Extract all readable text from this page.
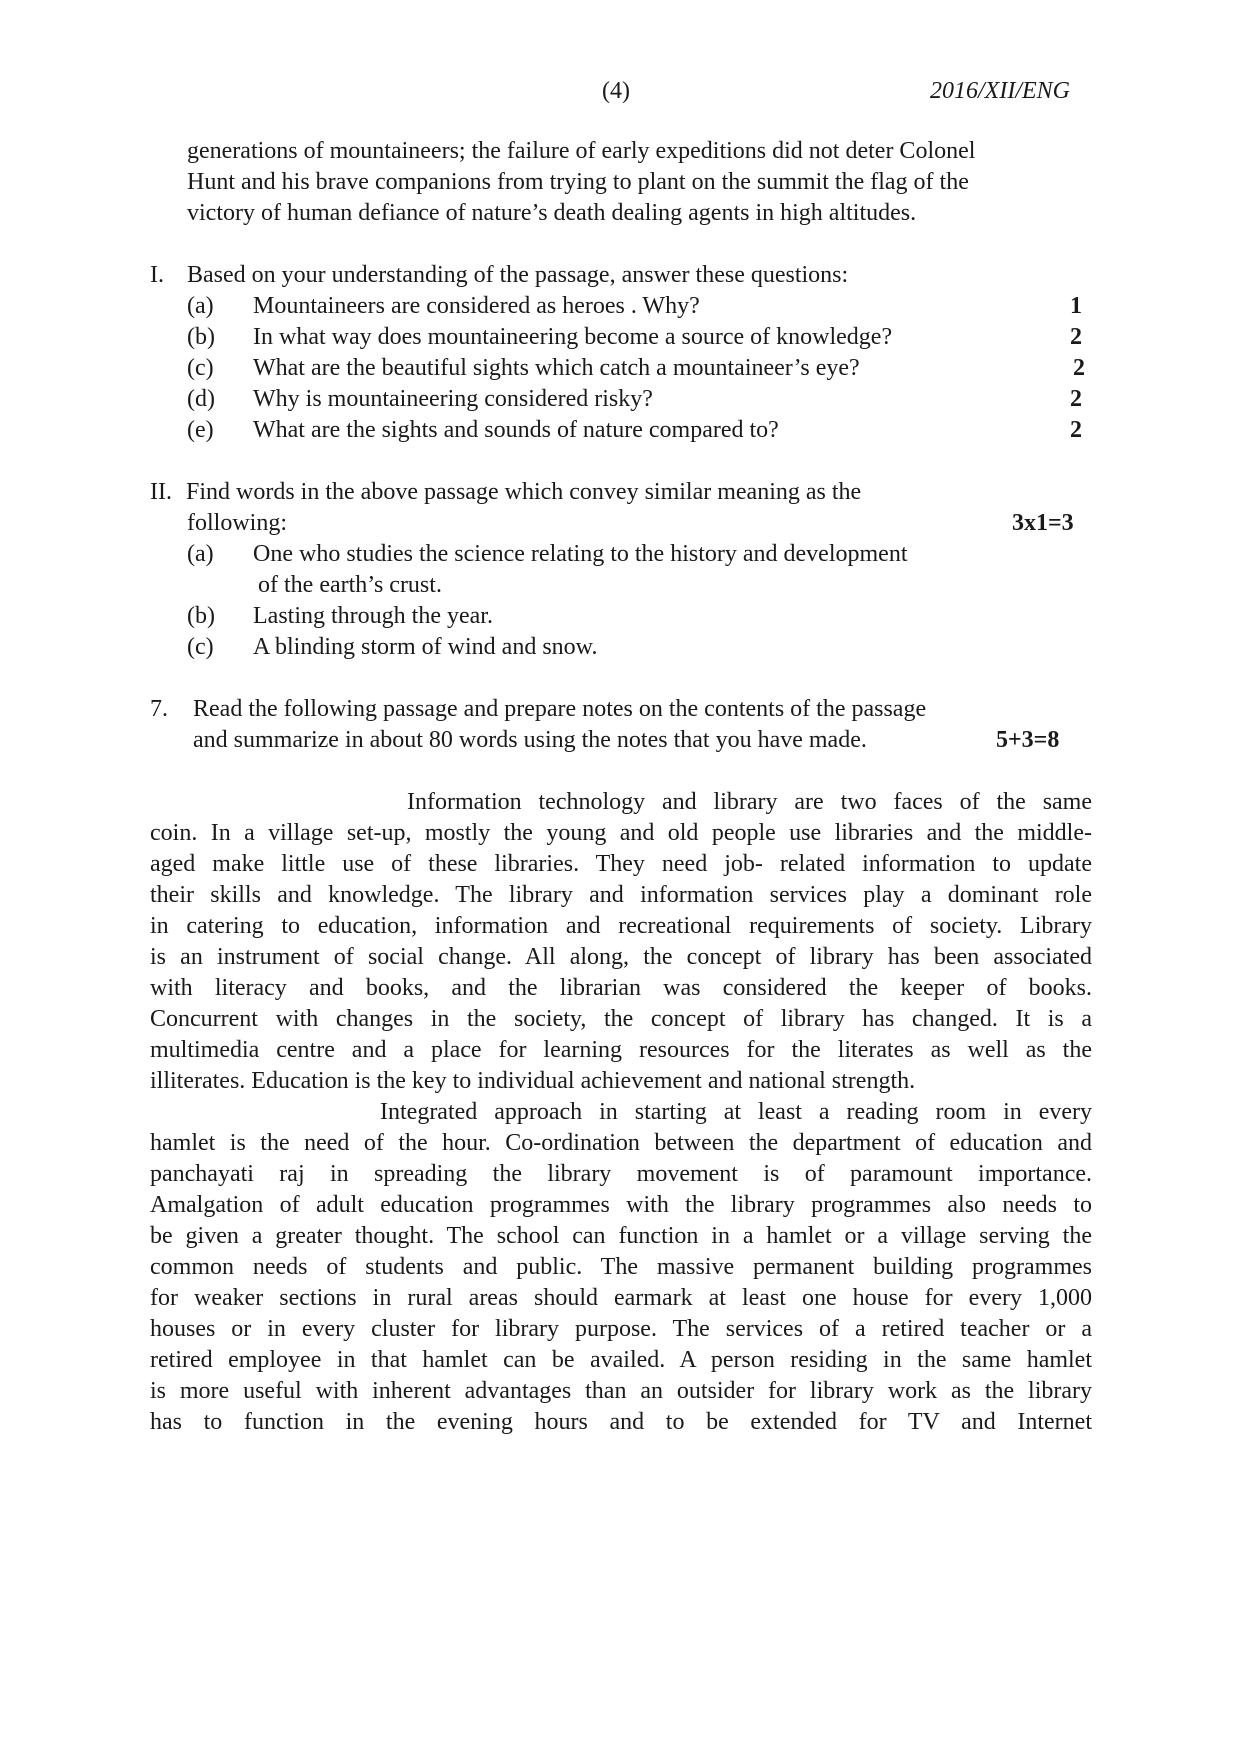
(4)	2016/XII/ENG
generations of mountaineers; the failure of early expeditions did not deter Colonel
Hunt and his brave companions from trying to plant on the summit the flag of the
victory of human defiance of nature’s death dealing agents in high altitudes.
I. Based on your understanding of the passage, answer these questions:
(a) Mountaineers are considered as heroes . Why?	1
(b) In what way does mountaineering become a source of knowledge?	2
(c) What are the beautiful sights which catch a mountaineer’s eye?	2
(d) Why is mountaineering considered risky?	2
(e) What are the sights and sounds of nature compared to?	2
II. Find words in the above passage which convey similar meaning as the
following:	3x1=3
(a) One who studies the science relating to the history and development
of the earth’s crust.
(b) Lasting through the year.
(c) A blinding storm of wind and snow.
7. Read the following passage and prepare notes on the contents of the passage
and summarize in about 80 words using the notes that you have made.	5+3=8
Information technology and library are two faces of the same
coin. In a village set-up, mostly the young and old people use libraries and the middle-
aged make little use of these libraries. They need job- related information to update
their skills and knowledge. The library and information services play a dominant role
in catering to education, information and recreational requirements of society. Library
is an instrument of social change. All along, the concept of library has been associated
with literacy and books, and the librarian was considered the keeper of books.
Concurrent with changes in the society, the concept of library has changed. It is a
multimedia centre and a place for learning resources for the literates as well as the
illiterates. Education is the key to individual achievement and national strength.
Integrated approach in starting at least a reading room in every
hamlet is the need of the hour. Co-ordination between the department of education and
panchayati raj in spreading the library movement is of paramount importance.
Amalgation of adult education programmes with the library programmes also needs to
be given a greater thought. The school can function in a hamlet or a village serving the
common needs of students and public. The massive permanent building programmes
for weaker sections in rural areas should earmark at least one house for every 1,000
houses or in every cluster for library purpose. The services of a retired teacher or a
retired employee in that hamlet can be availed. A person residing in the same hamlet
is more useful with inherent advantages than an outsider for library work as the library
has to function in the evening hours and to be extended for TV and Internet
